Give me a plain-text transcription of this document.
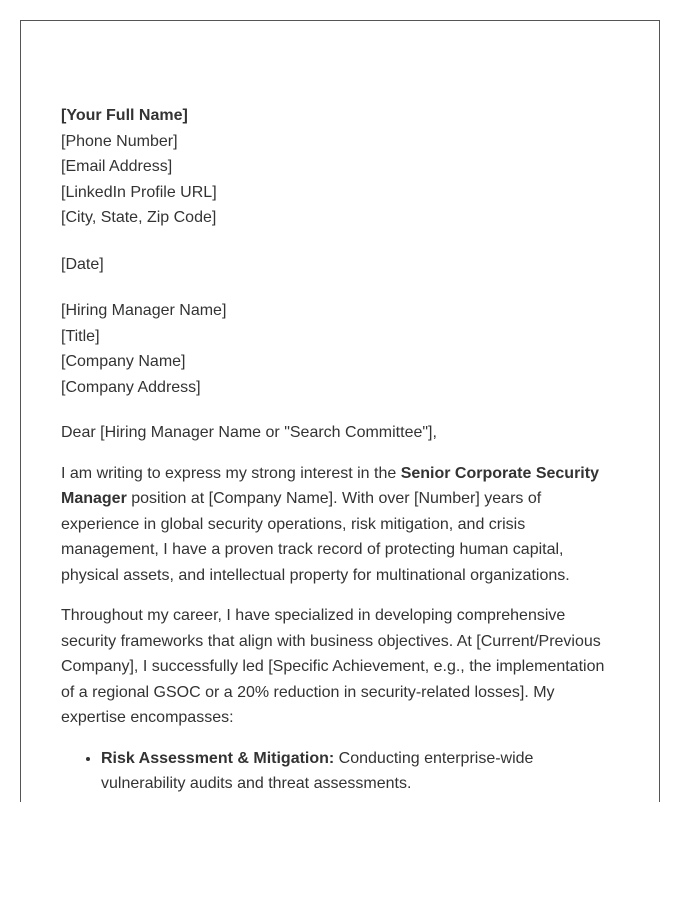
[Your Full Name]
[Phone Number]
[Email Address]
[LinkedIn Profile URL]
[City, State, Zip Code]
[Date]
[Hiring Manager Name]
[Title]
[Company Name]
[Company Address]

Dear [Hiring Manager Name or "Search Committee"],

I am writing to express my strong interest in the Senior Corporate Security Manager position at [Company Name]. With over [Number] years of experience in global security operations, risk mitigation, and crisis management, I have a proven track record of protecting human capital, physical assets, and intellectual property for multinational organizations.

Throughout my career, I have specialized in developing comprehensive security frameworks that align with business objectives. At [Current/Previous Company], I successfully led [Specific Achievement, e.g., the implementation of a regional GSOC or a 20% reduction in security-related losses]. My expertise encompasses:

• Risk Assessment & Mitigation: Conducting enterprise-wide vulnerability audits and threat assessments.
